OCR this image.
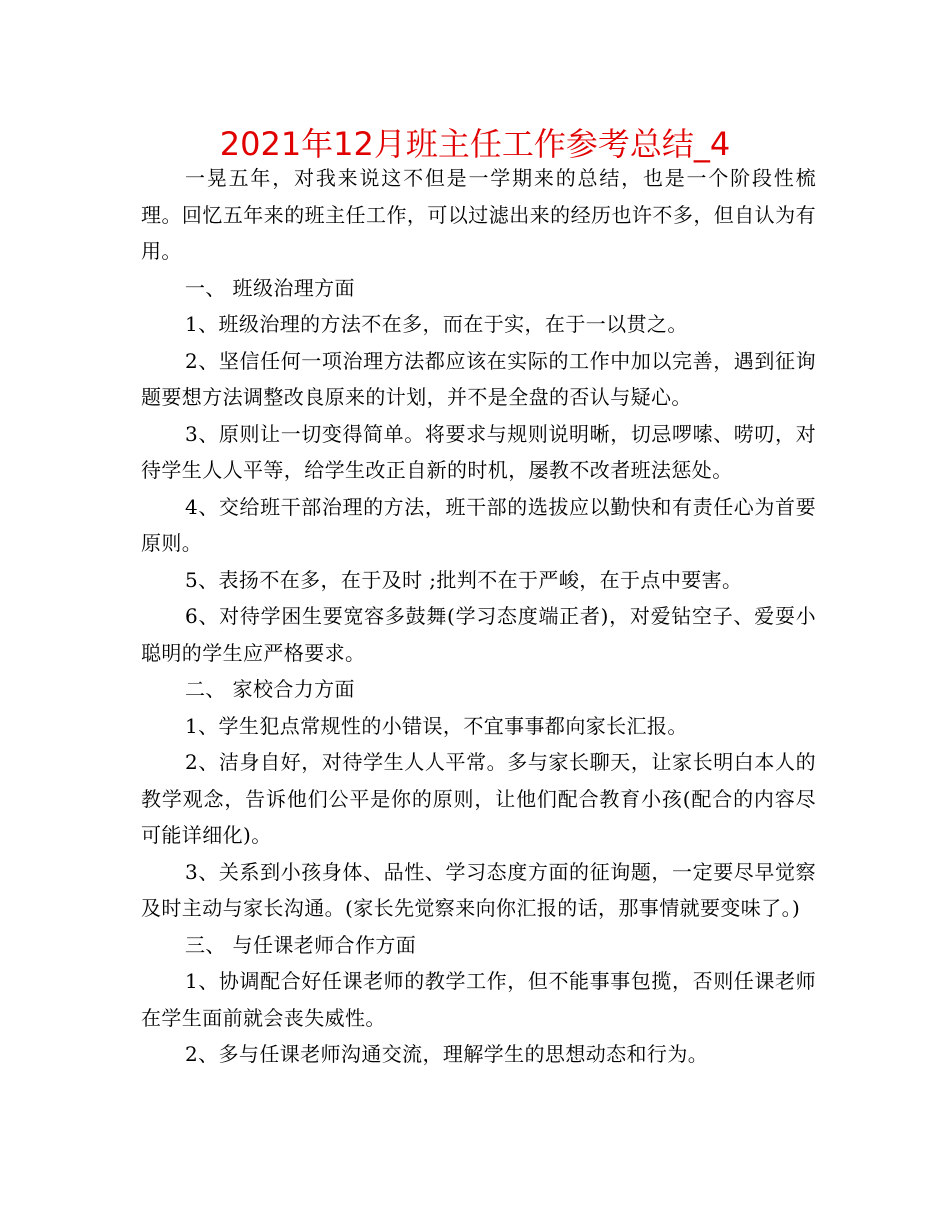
2021年12月班主任工作参考总结_4

一晃五年，对我来说这不但是一学期来的总结，也是一个阶段性梳理。回忆五年来的班主任工作，可以过滤出来的经历也许不多，但自认为有用。

一、 班级治理方面

1、班级治理的方法不在多，而在于实，在于一以贯之。

2、坚信任何一项治理方法都应该在实际的工作中加以完善，遇到征询题要想方法调整改良原来的计划，并不是全盘的否认与疑心。

3、原则让一切变得简单。将要求与规则说明晰，切忌啰嗦、唠叨，对待学生人人平等，给学生改正自新的时机，屡教不改者班法惩处。

4、交给班干部治理的方法，班干部的选拔应以勤快和有责任心为首要原则。

5、表扬不在多，在于及时 ;批判不在于严峻，在于点中要害。

6、对待学困生要宽容多鼓舞(学习态度端正者)，对爱钻空子、爱耍小聪明的学生应严格要求。

二、 家校合力方面

1、学生犯点常规性的小错误，不宜事事都向家长汇报。

2、洁身自好，对待学生人人平常。多与家长聊天，让家长明白本人的教学观念，告诉他们公平是你的原则，让他们配合教育小孩(配合的内容尽可能详细化)。

3、关系到小孩身体、品性、学习态度方面的征询题，一定要尽早觉察及时主动与家长沟通。(家长先觉察来向你汇报的话，那事情就要变味了。)

三、 与任课老师合作方面

1、协调配合好任课老师的教学工作，但不能事事包揽，否则任课老师在学生面前就会丧失威性。

2、多与任课老师沟通交流，理解学生的思想动态和行为。
